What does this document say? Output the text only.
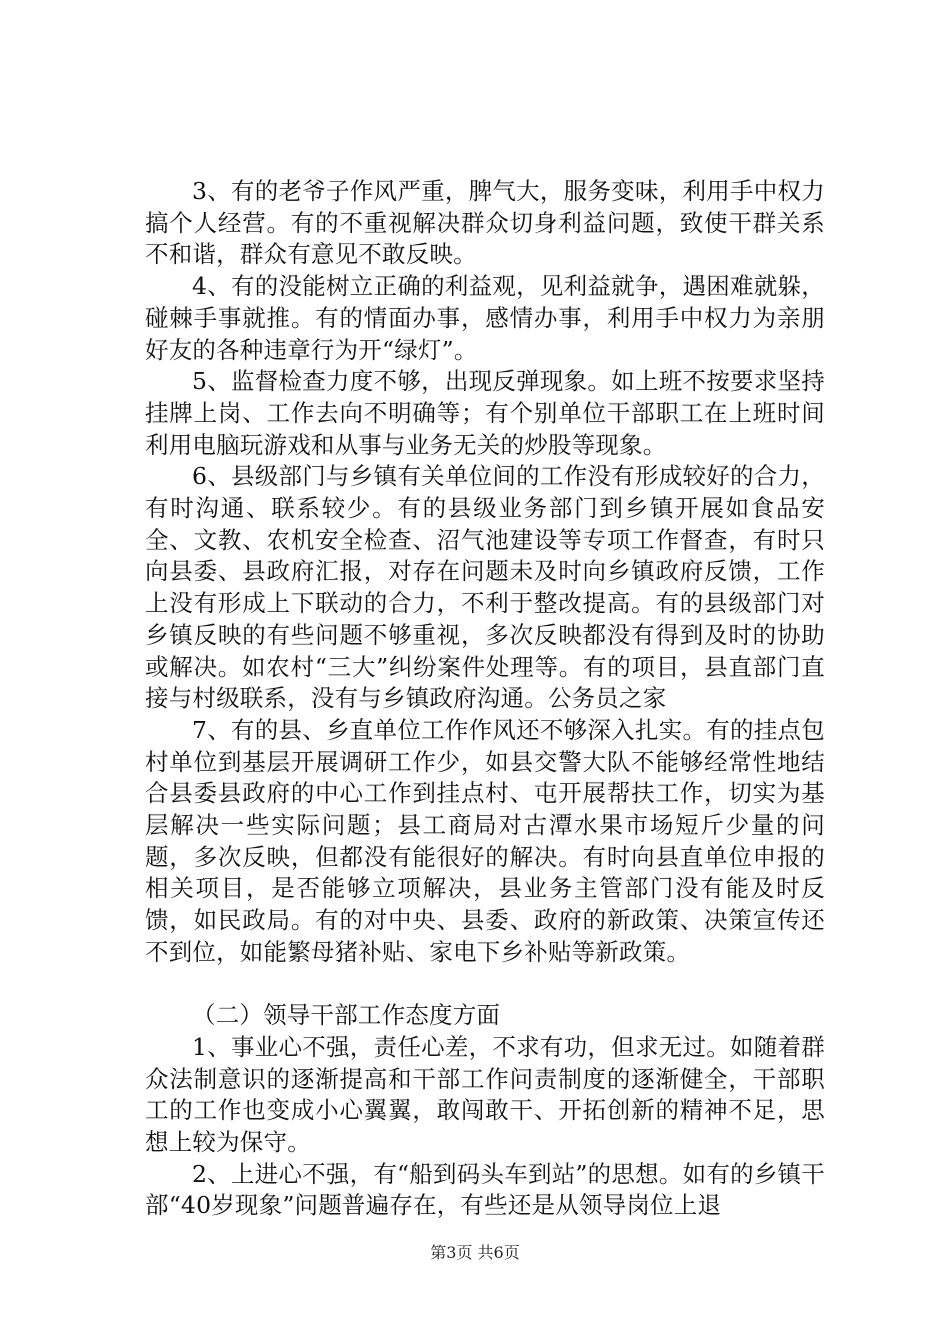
3、有的老爷子作风严重，脾气大，服务变味，利用手中权力搞个人经营。有的不重视解决群众切身利益问题，致使干群关系不和谐，群众有意见不敢反映。

4、有的没能树立正确的利益观，见利益就争，遇困难就躲，碰棘手事就推。有的情面办事，感情办事，利用手中权力为亲朋好友的各种违章行为开“绿灯”。

5、监督检查力度不够，出现反弹现象。如上班不按要求坚持挂牌上岗、工作去向不明确等；有个别单位干部职工在上班时间利用电脑玩游戏和从事与业务无关的炒股等现象。

6、县级部门与乡镇有关单位间的工作没有形成较好的合力，有时沟通、联系较少。有的县级业务部门到乡镇开展如食品安全、文教、农机安全检查、沼气池建设等专项工作督查，有时只向县委、县政府汇报，对存在问题未及时向乡镇政府反馈，工作上没有形成上下联动的合力，不利于整改提高。有的县级部门对乡镇反映的有些问题不够重视，多次反映都没有得到及时的协助或解决。如农村“三大”纠纷案件处理等。有的项目，县直部门直接与村级联系，没有与乡镇政府沟通。公务员之家

7、有的县、乡直单位工作作风还不够深入扎实。有的挂点包村单位到基层开展调研工作少，如县交警大队不能够经常性地结合县委县政府的中心工作到挂点村、屯开展帮扶工作，切实为基层解决一些实际问题；县工商局对古潭水果市场短斤少量的问题，多次反映，但都没有能很好的解决。有时向县直单位申报的相关项目，是否能够立项解决，县业务主管部门没有能及时反馈，如民政局。有的对中央、县委、政府的新政策、决策宣传还不到位，如能繁母猪补贴、家电下乡补贴等新政策。

（二）领导干部工作态度方面

1、事业心不强，责任心差，不求有功，但求无过。如随着群众法制意识的逐渐提高和干部工作问责制度的逐渐健全，干部职工的工作也变成小心翼翼，敢闯敢干、开拓创新的精神不足，思想上较为保守。

2、上进心不强，有“船到码头车到站”的思想。如有的乡镇干部“40岁现象”问题普遍存在，有些还是从领导岗位上退

第3页 共6页
